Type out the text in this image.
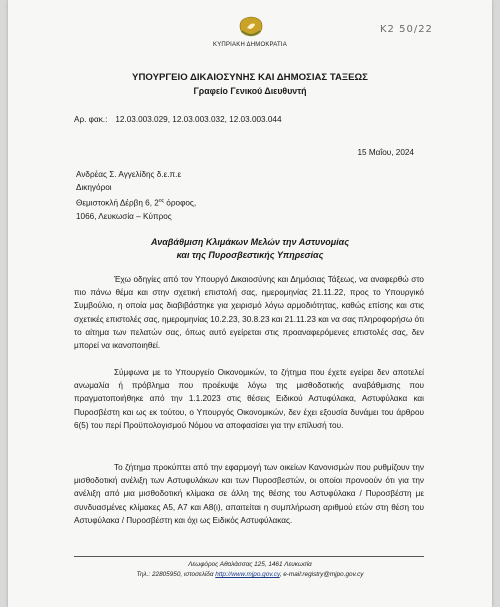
ΚΥΠΡΙΑΚΗ ΔΗΜΟΚΡΑΤΙΑ
K2 50/22
ΥΠΟΥΡΓΕΙΟ ΔΙΚΑΙΟΣΥΝΗΣ ΚΑΙ ΔΗΜΟΣΙΑΣ ΤΑΞΕΩΣ
Γραφείο Γενικού Διευθυντή
Αρ. φακ.: 12.03.003.029, 12.03.003.032, 12.03.003.044
15 Μαΐου, 2024
Ανδρέας Σ. Αγγελίδης δ.ε.π.ε
Δικηγόροι
Θεμιστοκλή Δέρβη 6, $2^{o\varsigma}$ όροφος,
1066, Λευκωσία – Κύπρος
Αναβάθμιση Κλιμάκων Μελών την Αστυνομίας
και της Πυροσβεστικής Υπηρεσίας
Έχω οδηγίες από τον Υπουργό Δικαιοσύνης και Δημόσιας Τάξεως, να αναφερθώ στο πιο πάνω θέμα και στην σχετική επιστολή σας, ημερομηνίας 21.11.22, προς το Υπουργικό Συμβούλιο, η οποία μας διαβιβάστηκε για χειρισμό λόγω αρμοδιότητας, καθώς επίσης και στις σχετικές επιστολές σας, ημερομηνίας 10.2.23, 30.8.23 και 21.11.23 και να σας πληροφορήσω ότι το αίτημα των πελατών σας, όπως αυτό εγείρεται στις προαναφερόμενες επιστολές σας, δεν μπορεί να ικανοποιηθεί.
Σύμφωνα με το Υπουργείο Οικονομικών, το ζήτημα που έχετε εγείρει δεν αποτελεί ανωμαλία ή πρόβλημα που προέκυψε λόγω της μισθοδοτικής αναβάθμισης που πραγματοποιήθηκε από την 1.1.2023 στις θέσεις Ειδικού Αστυφύλακα, Αστυφύλακα και Πυροσβέστη και ως εκ τούτου, ο Υπουργός Οικονομικών, δεν έχει εξουσία δυνάμει του άρθρου 6(5) του περί Προϋπολογισμού Νόμου να αποφασίσει για την επίλυσή του.
Το ζήτημα προκύπτει από την εφαρμογή των οικείων Κανονισμών που ρυθμίζουν την μισθοδοτική ανέλιξη των Αστυφυλάκων και των Πυροσβεστών, οι οποίοι προνοούν ότι για την ανέλιξη από μια μισθοδοτική κλίμακα σε άλλη της θέσης του Αστυφύλακα / Πυροσβέστη με συνδυασμένες κλίμακες Α5, Α7 και Α8(ι), απαιτείται η συμπλήρωση αριθμού ετών στη θέση του Αστυφύλακα / Πυροσβέστη και όχι ως Ειδικός Αστυφύλακας.
Λεωφόρος Αθαλάσσας 125, 1461 Λευκωσία
Τηλ.: 22805950, ιστοσελίδα http://www.mjpo.gov.cy, e-mail:registry@mjpo.gov.cy
